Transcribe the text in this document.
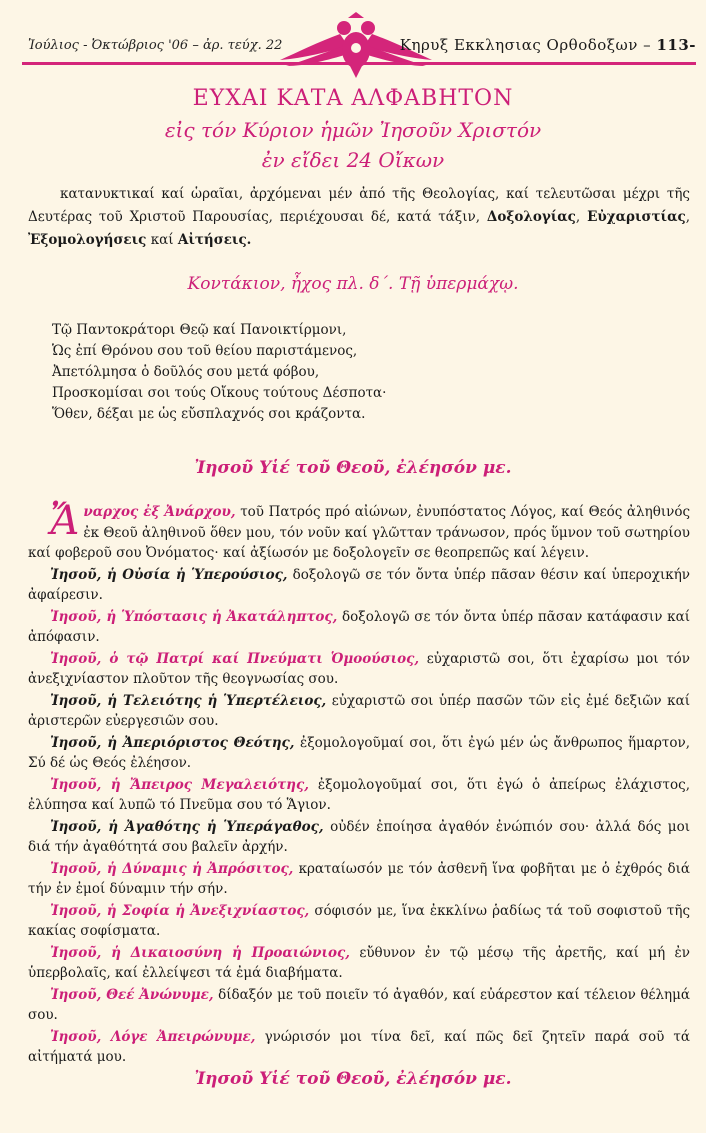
Ἰούλιος - Ὀκτώβριος '06 – ἀρ. τεύχ. 22	Κηρυξ Εκκλησιας Ορθοδοξων – 113-
ΕΥΧΑΙ ΚΑΤΑ ΑΛΦΑΒΗΤΟΝ
εἰς τόν Κύριον ἡμῶν Ἰησοῦν Χριστόν
ἐν εἴδει 24 Οἴκων

κατανυκτικαί καί ὡραῖαι, ἀρχόμεναι μέν ἀπό τῆς Θεολογίας, καί τελευτῶσαι μέχρι τῆς Δευτέρας τοῦ Χριστοῦ Παρουσίας, περιέχουσαι δέ, κατά τάξιν, Δοξολογίας, Εὐχαριστίας, Ἐξομολογήσεις καί Αἰτήσεις.

Κοντάκιον, ἦχος πλ. δ΄. Τῇ ὑπερμάχῳ.
Τῷ Παντοκράτορι Θεῷ καί Πανοικτίρμονι,
Ὡς ἐπί Θρόνου σου τοῦ θείου παριστάμενος,
Ἀπετόλμησα ὁ δοῦλός σου μετά φόβου,
Προσκομίσαι σοι τούς Οἴκους τούτους Δέσποτα·
Ὅθεν, δέξαι με ὡς εὔσπλαχνός σοι κράζοντα.
Ἰησοῦ Υἱέ τοῦ Θεοῦ, ἐλέησόν με.

Ἄ ναρχος ἐξ Ἀνάρχου, τοῦ Πατρός πρό αἰώνων, ἐνυπόστατος Λόγος, καί Θεός ἀληθινός ἐκ Θεοῦ ἀληθινοῦ ὅθεν μου, τόν νοῦν καί γλῶτταν τράνωσον, πρός ὕμνον τοῦ σωτηρίου καί φοβεροῦ σου Ὀνόματος· καί ἀξίωσόν με δοξολογεῖν σε θεοπρεπῶς καί λέγειν.

Ἰησοῦ, ἡ Οὐσία ἡ Ὑπερούσιος, δοξολογῶ σε τόν ὄντα ὑπέρ πᾶσαν θέσιν καί ὑπεροχικήν ἀφαίρεσιν.

Ἰησοῦ, ἡ Ὑπόστασις ἡ Ἀκατάληπτος, δοξολογῶ σε τόν ὄντα ὑπέρ πᾶσαν κατάφασιν καί ἀπόφασιν.

Ἰησοῦ, ὁ τῷ Πατρί καί Πνεύματι Ὁμοούσιος, εὐχαριστῶ σοι, ὅτι ἐχαρίσω μοι τόν ἀνεξιχνίαστον πλοῦτον τῆς θεογνωσίας σου.

Ἰησοῦ, ἡ Τελειότης ἡ Ὑπερτέλειος, εὐχαριστῶ σοι ὑπέρ πασῶν τῶν εἰς ἐμέ δεξιῶν καί ἀριστερῶν εὐεργεσιῶν σου.

Ἰησοῦ, ἡ Ἀπεριόριστος Θεότης, ἐξομολογοῦμαί σοι, ὅτι ἐγώ μέν ὡς ἄνθρωπος ἥμαρτον, Σύ δέ ὡς Θεός ἐλέησον.

Ἰησοῦ, ἡ Ἄπειρος Μεγαλειότης, ἐξομολογοῦμαί σοι, ὅτι ἐγώ ὁ ἀπείρως ἐλάχιστος, ἐλύπησα καί λυπῶ τό Πνεῦμα σου τό Ἅγιον.

Ἰησοῦ, ἡ Ἀγαθότης ἡ Ὑπεράγαθος, οὐδέν ἐποίησα ἀγαθόν ἐνώπιόν σου· ἀλλά δός μοι διά τήν ἀγαθότητά σου βαλεῖν ἀρχήν.

Ἰησοῦ, ἡ Δύναμις ἡ Ἀπρόσιτος, κραταίωσόν με τόν ἀσθενῆ ἵνα φοβῆται με ὁ ἐχθρός διά τήν ἐν ἐμοί δύναμιν τήν σήν.

Ἰησοῦ, ἡ Σοφία ἡ Ἀνεξιχνίαστος, σόφισόν με, ἵνα ἐκκλίνω ῥαδίως τά τοῦ σοφιστοῦ τῆς κακίας σοφίσματα.

Ἰησοῦ, ἡ Δικαιοσύνη ἡ Προαιώνιος, εὔθυνον ἐν τῷ μέσῳ τῆς ἀρετῆς, καί μή ἐν ὑπερβολαῖς, καί ἐλλείψεσι τά ἐμά διαβήματα.

Ἰησοῦ, Θεέ Ἀνώνυμε, δίδαξόν με τοῦ ποιεῖν τό ἀγαθόν, καί εὐάρεστον καί τέλειον θέλημά σου.

Ἰησοῦ, Λόγε Ἀπειρώνυμε, γνώρισόν μοι τίνα δεῖ, καί πῶς δεῖ ζητεῖν παρά σοῦ τά αἰτήματά μου.

Ἰησοῦ Υἱέ τοῦ Θεοῦ, ἐλέησόν με.
